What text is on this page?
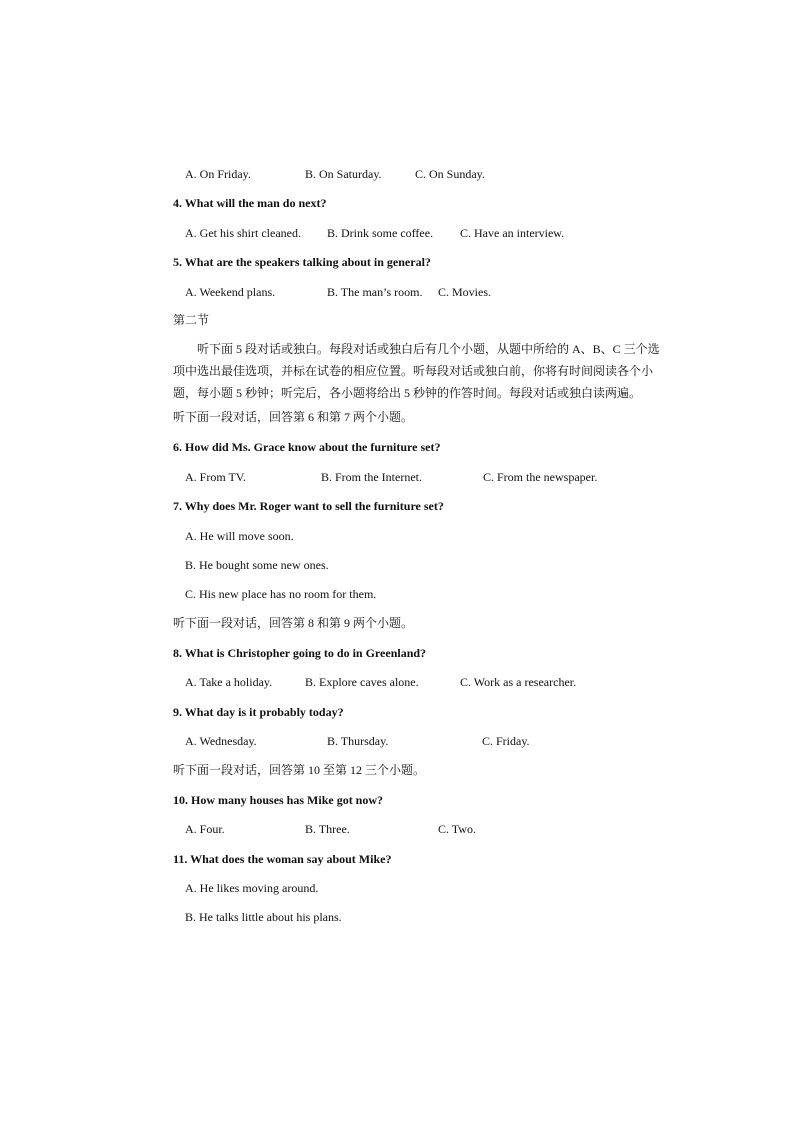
A. On Friday.	B. On Saturday.	C. On Sunday.
4. What will the man do next?
A. Get his shirt cleaned. B. Drink some coffee. C. Have an interview.
5. What are the speakers talking about in general?
A. Weekend plans.	B. The man’s room. C. Movies.
第二节

听下面 5 段对话或独白。每段对话或独白后有几个小题，从题中所给的 A、B、C 三个选

项中选出最佳选项，并标在试卷的相应位置。听每段对话或独白前，你将有时间阅读各个小

题，每小题 5 秒钟；听完后，各小题将给出 5 秒钟的作答时间。每段对话或独白读两遍。

听下面一段对话，回答第 6 和第 7 两个小题。
6. How did Ms. Grace know about the furniture set?
A. From TV.	B. From the Internet.	C. From the newspaper.
7. Why does Mr. Roger want to sell the furniture set?
A. He will move soon.
B. He bought some new ones.
C. His new place has no room for them.
听下面一段对话，回答第 8 和第 9 两个小题。
8. What is Christopher going to do in Greenland?
A. Take a holiday.	B. Explore caves alone.	C. Work as a researcher.
9. What day is it probably today?
A. Wednesday.	B. Thursday.	C. Friday.
听下面一段对话，回答第 10 至第 12 三个小题。
10. How many houses has Mike got now?
A. Four.	B. Three.	C. Two.
11. What does the woman say about Mike?
A. He likes moving around.
B. He talks little about his plans.
